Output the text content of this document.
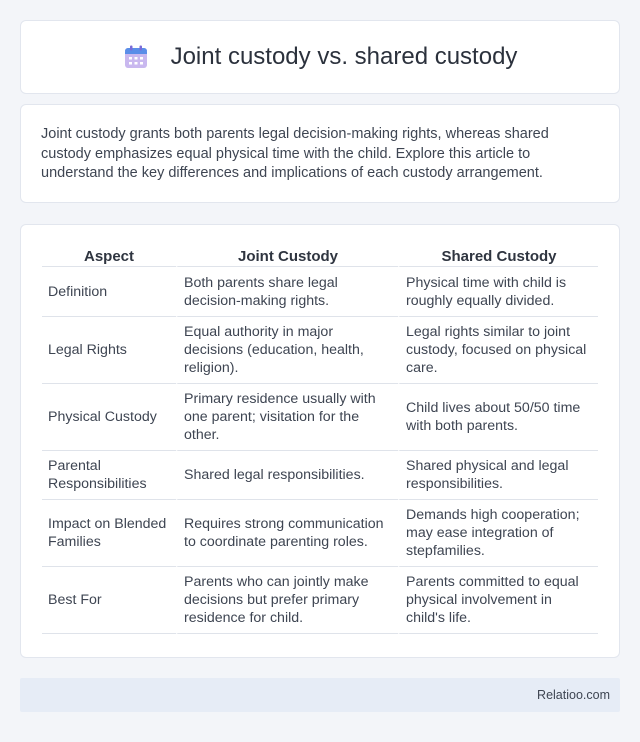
Joint custody vs. shared custody

Joint custody grants both parents legal decision-making rights, whereas shared custody emphasizes equal physical time with the child. Explore this article to understand the key differences and implications of each custody arrangement.

Aspect	Joint Custody	Shared Custody
Definition	Both parents share legal decision-making rights.	Physical time with child is roughly equally divided.
Legal Rights	Equal authority in major decisions (education, health, religion).	Legal rights similar to joint custody, focused on physical care.
Physical Custody	Primary residence usually with one parent; visitation for the other.	Child lives about 50/50 time with both parents.
Parental Responsibilities	Shared legal responsibilities.	Shared physical and legal responsibilities.
Impact on Blended Families	Requires strong communication to coordinate parenting roles.	Demands high cooperation; may ease integration of stepfamilies.
Best For	Parents who can jointly make decisions but prefer primary residence for child.	Parents committed to equal physical involvement in child's life.
Relatioo.com
